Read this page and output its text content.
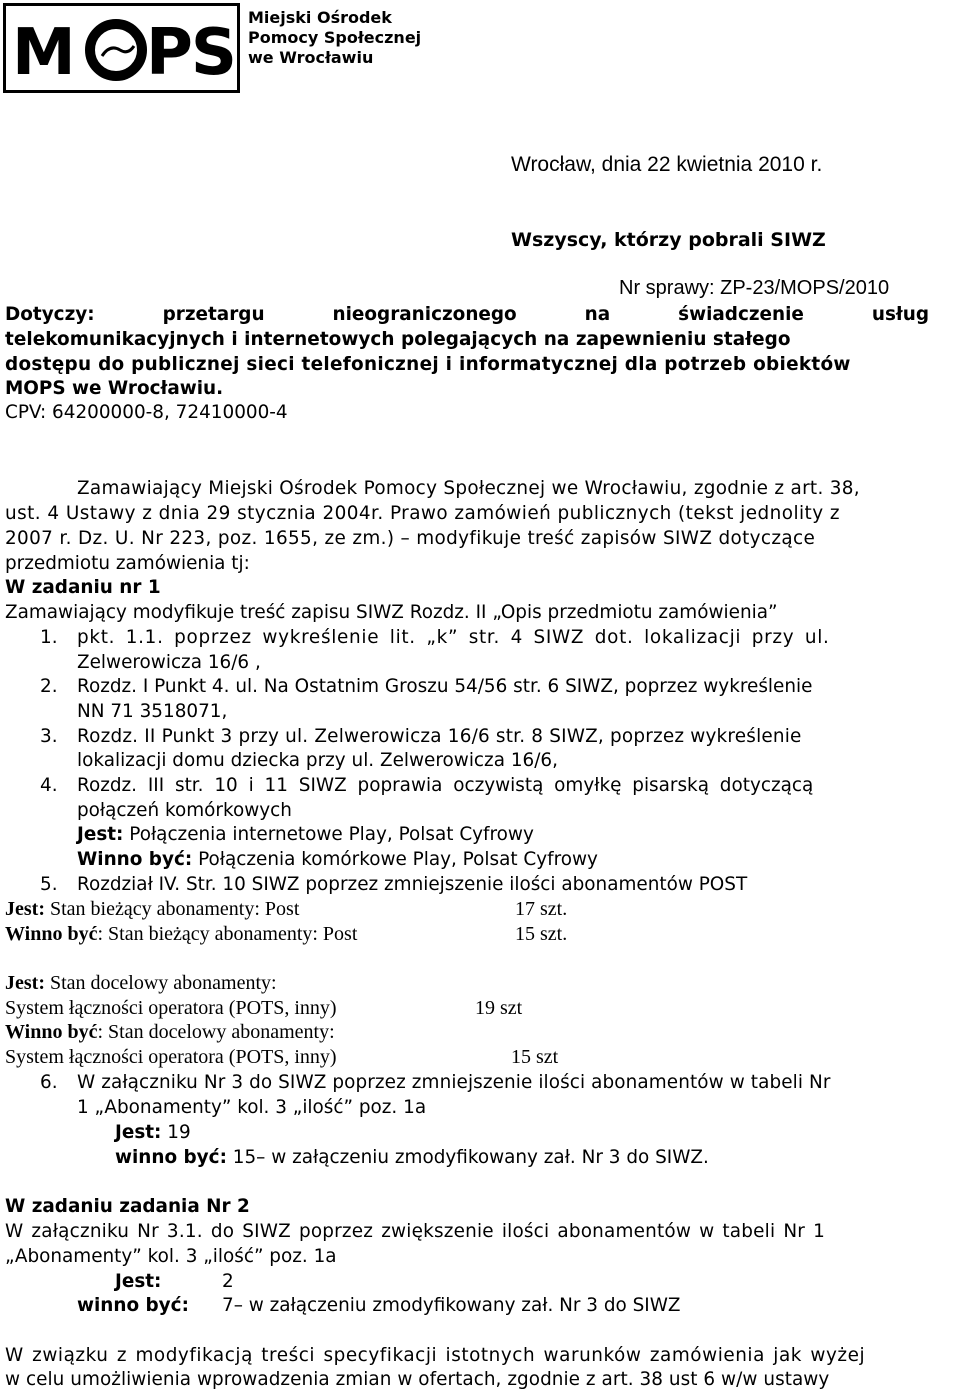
M PS Miejski Ośrodek
Pomocy Społecznej
we Wrocławiu
Wrocław, dnia 22 kwietnia 2010 r.
Wszyscy, którzy pobrali SIWZ
Nr sprawy: ZP-23/MOPS/2010
Dotyczy:	przetargu	nieograniczonego	na	świadczenie	usług
telekomunikacyjnych i internetowych polegających na zapewnieniu stałego
dostępu do publicznej sieci telefonicznej i informatycznej dla potrzeb obiektów
MOPS we Wrocławiu.
CPV: 64200000-8, 72410000-4
Zamawiający Miejski Ośrodek Pomocy Społecznej we Wrocławiu, zgodnie z art. 38,
ust. 4 Ustawy z dnia 29 stycznia 2004r. Prawo zamówień publicznych (tekst jednolity z
2007 r. Dz. U. Nr 223, poz. 1655, ze zm.) – modyfikuje treść zapisów SIWZ dotyczące
przedmiotu zamówienia tj:
W zadaniu nr 1
Zamawiający modyfikuje treść zapisu SIWZ Rozdz. II „Opis przedmiotu zamówienia”
1. pkt. 1.1. poprzez wykreślenie lit. „k” str. 4 SIWZ dot. lokalizacji przy ul.
Zelwerowicza 16/6 ,
2. Rozdz. I Punkt 4. ul. Na Ostatnim Groszu 54/56 str. 6 SIWZ, poprzez wykreślenie
NN 71 3518071,
3. Rozdz. II Punkt 3 przy ul. Zelwerowicza 16/6 str. 8 SIWZ, poprzez wykreślenie
lokalizacji domu dziecka przy ul. Zelwerowicza 16/6,
4. Rozdz. III str. 10 i 11 SIWZ poprawia oczywistą omyłkę pisarską dotyczącą
połączeń komórkowych
Jest: Połączenia internetowe Play, Polsat Cyfrowy
Winno być: Połączenia komórkowe Play, Polsat Cyfrowy
5. Rozdział IV. Str. 10 SIWZ poprzez zmniejszenie ilości abonamentów POST
Jest: Stan bieżący abonamenty: Post	17 szt.
Winno być: Stan bieżący abonamenty: Post	15 szt.
Jest: Stan docelowy abonamenty:
System łączności operatora (POTS, inny)	19 szt
Winno być: Stan docelowy abonamenty:
System łączności operatora (POTS, inny)	15 szt
6. W załączniku Nr 3 do SIWZ poprzez zmniejszenie ilości abonamentów w tabeli Nr
1 „Abonamenty” kol. 3 „ilość” poz. 1a
Jest: 19
winno być: 15– w załączeniu zmodyfikowany zał. Nr 3 do SIWZ.
W zadaniu zadania Nr 2
W załączniku Nr 3.1. do SIWZ poprzez zwiększenie ilości abonamentów w tabeli Nr 1
„Abonamenty” kol. 3 „ilość” poz. 1a
Jest:	2
winno być: 7– w załączeniu zmodyfikowany zał. Nr 3 do SIWZ
W związku z modyfikacją treści specyfikacji istotnych warunków zamówienia jak wyżej
w celu umożliwienia wprowadzenia zmian w ofertach, zgodnie z art. 38 ust 6 w/w ustawy
